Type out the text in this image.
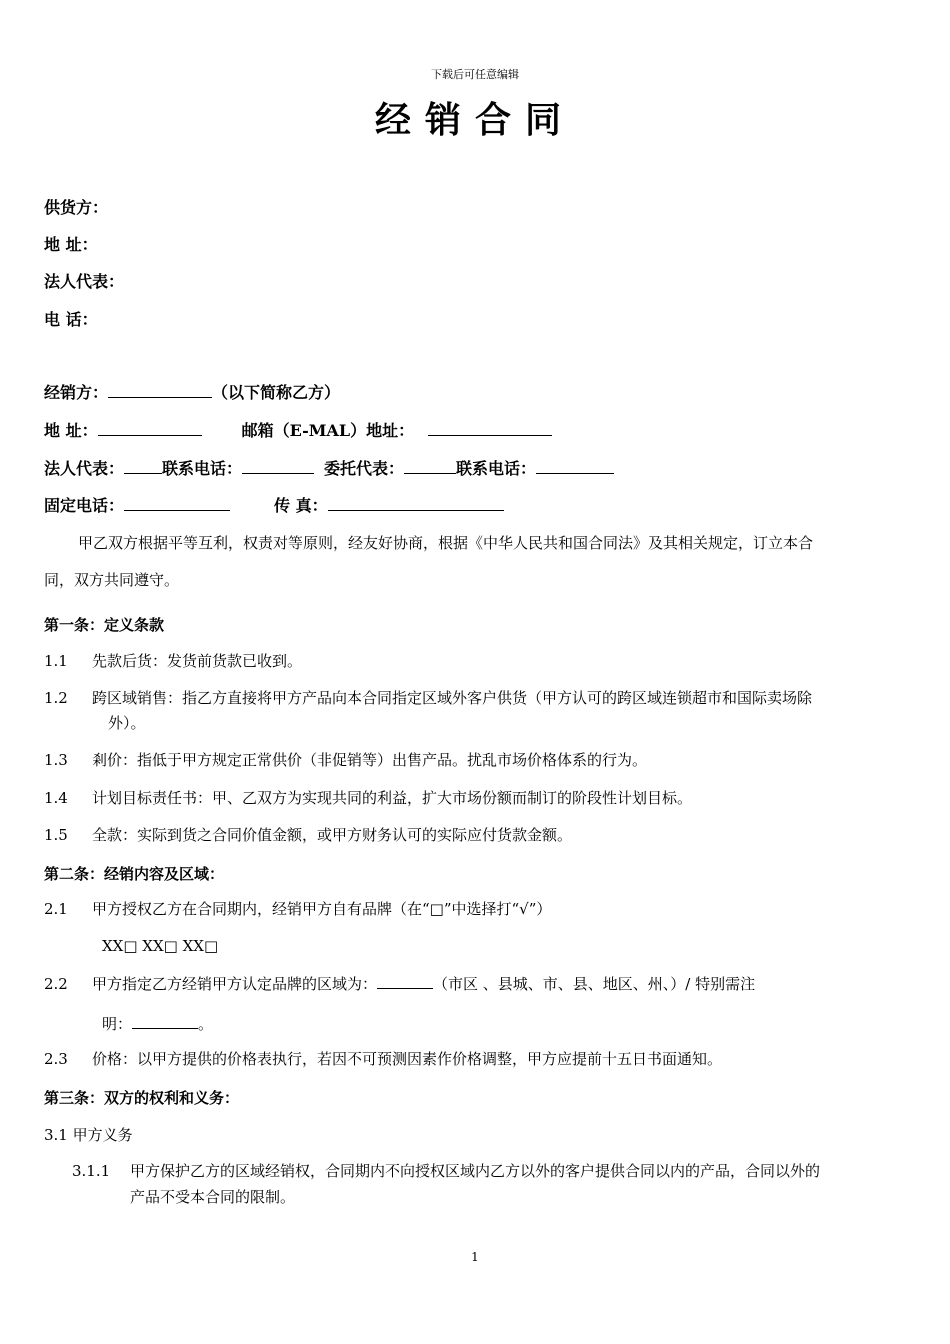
下载后可任意编辑
经销合同
供货方：
地 址：
法人代表：
电 话：
经销方：	（以下简称乙方）
地 址：	邮箱（E-MAL）地址：
法人代表： 联系电话：	委托代表：	联系电话：
固定电话：	传 真：
甲乙双方根据平等互利，权责对等原则，经友好协商，根据《中华人民共和国合同法》及其相关规定，订立本合
同，双方共同遵守。
第一条：定义条款
1.1 先款后货：发货前货款已收到。
1.2 跨区域销售：指乙方直接将甲方产品向本合同指定区域外客户供货（甲方认可的跨区域连锁超市和国际卖场除
外）。
1.3 剎价：指低于甲方规定正常供价（非促销等）出售产品。扰乱市场价格体系的行为。
1.4 计划目标责任书：甲、乙双方为实现共同的利益，扩大市场份额而制订的阶段性计划目标。
1.5 全款：实际到货之合同价值金额，或甲方财务认可的实际应付货款金额。
第二条：经销内容及区域：
2.1 甲方授权乙方在合同期内，经销甲方自有品牌（在“□”中选择打“√”）
XX□ XX□ XX□
2.2 甲方指定乙方经销甲方认定品牌的区域为：	（市区 、县城、市、县、地区、州、）/ 特别需注
明：	。
2.3 价格：以甲方提供的价格表执行，若因不可预测因素作价格调整，甲方应提前十五日书面通知。
第三条：双方的权利和义务：
3.1 甲方义务
3.1.1 甲方保护乙方的区域经销权，合同期内不向授权区域内乙方以外的客户提供合同以内的产品，合同以外的
产品不受本合同的限制。
1
